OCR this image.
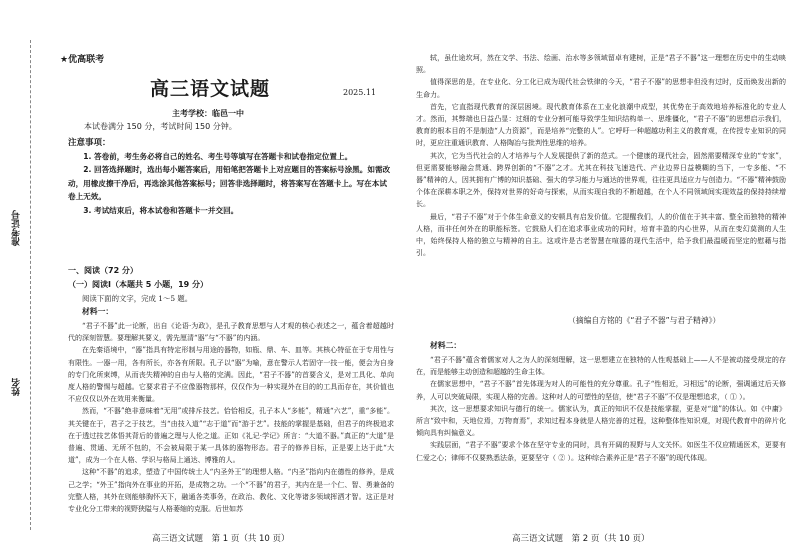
准考证号
姓名
★优高联考
高三语文试题	2025.11
主考学校：临邑一中
本试卷满分 150 分，考试时间 150 分钟。
注意事项：

1. 答卷前，考生务必将自己的姓名、考生号等填写在答题卡和试卷指定位置上。

2. 回答选择题时，选出每小题答案后，用铅笔把答题卡上对应题目的答案标号涂黑。如需改动，用橡皮擦干净后，再选涂其他答案标号；回答非选择题时，将答案写在答题卡上。写在本试卷上无效。

3. 考试结束后，将本试卷和答题卡一并交回。

一、阅读（72 分）
（一）阅读Ⅰ（本题共 5 小题，19 分）
阅读下面的文字，完成 1～5 题。
材料一：

“君子不器”此一论断，出自《论语·为政》，是孔子教育思想与人才观的核心表述之一，蕴含着超越时代的深刻智慧。要理解其要义，需先厘清“器”与“不器”的内涵。

在先秦语境中，“器”指具有特定形制与用途的器物，如瓶、鼎、车、皿等。其核心特征在于专用性与有限性。一器一用，各有所长，亦各有所限。孔子以“器”为喻，意在警示人若固守一技一能，便会为自身的专门化所束缚，从而丧失精神的自由与人格的完满。因此，“君子不器”的首要含义，是对工具化、单向度人格的警惕与超越。它要求君子不应像器物那样，仅仅作为一种实现外在目的的工具而存在，其价值也不应仅仅以外在效用来衡量。

然而，“不器”绝非意味着“无用”或排斥技艺。恰恰相反，孔子本人“多能”，精通“六艺”，重“多能”。其关键在于，君子之于技艺，当“由技入道”“志于道”而“游于艺”。技能的掌握是基础，但君子的终极追求在于透过技艺体悟其背后的普遍之理与人伦之道。正如《礼记·学记》所言：“大道不器。”真正的“大道”是普遍、贯通、无所不包的，不会被局限于某一具体的器物形态。君子的修养目标，正是要上达于此“大道”，成为一个在人格、学识与格局上通达、博雅的人。

这种“不器”的追求，塑造了中国传统士人“内圣外王”的理想人格。“内圣”指向内在德性的修养，是成己之学；“外王”指向外在事业的开拓，是成物之功。一个“不器”的君子，其内在是一个仁、智、勇兼备的完整人格，其外在则能够胸怀天下，融通各类事务，在政治、教化、文化等诸多领域挥洒才智。这正是对专业化分工带来的视野狭隘与人格萎缩的克服。后世如苏

轼，虽仕途坎坷，然在文学、书法、绘画、治水等多领域留卓有建树，正是“君子不器”这一理想在历史中的生动映照。

值得深思的是，在专业化、分工化已成为现代社会铁律的今天，“君子不器”的思想非但没有过时，反而焕发出新的生命力。

首先，它直指现代教育的深层困境。现代教育体系在工业化浪潮中成型，其优势在于高效地培养标准化的专业人才。然而，其弊端也日益凸显：过细的专业分割可能导致学生知识结构单一、思维僵化，“君子不器”的思想启示我们，教育的根本目的不是制造“人力资源”，而是培养“完整的人”。它呼吁一种超越功利主义的教育观，在传授专业知识的同时，更应注重通识教育、人格陶冶与批判性思维的培养。

其次，它为当代社会的人才培养与个人发展提供了新的范式。一个健康的现代社会，固然需要精深专业的“专家”，但更需要能够融会贯通、跨界创新的“不器”之才。尤其在科技飞速迭代、产业边界日益模糊的当下，一专多能、“不器”精神的人，因其拥有广博的知识基础、强大的学习能力与通达的世界观，往往更具适应力与创造力。“不器”精神鼓励个体在深耕本职之外，保持对世界的好奇与探索，从而实现自我的不断超越，在个人不同领域间实现效益的保持持续增长。

最后，“君子不器”对于个体生命意义的安顿具有启发价值。它提醒我们，人的价值在于其丰富、整全而独特的精神人格，而非任何外在的职能标签。它鼓励人们在追求事业成功的同时，培育丰盈的内心世界，从而在变幻莫测的人生中，始终保持人格的独立与精神的自主。这或许是古老智慧在喧嚣的现代生活中，给予我们最温暖而坚定的慰藉与指引。

（摘编自方铭的《“君子不器”与君子精神》）
材料二：

“君子不器”蕴含着儒家对人之为人的深刻理解，这一思想建立在独特的人性观基础上——人不是被动接受规定的存在，而是能够主动创造和超越的生命主体。

在儒家思想中，“君子不器”首先体现为对人的可能性的充分尊重。孔子“性相近，习相远”的论断，强调通过后天修养，人可以突破局限，实现人格的完善。这种对人的可塑性的坚信，使“君子不器”不仅是理想追求，（ ① ）。

其次，这一思想要求知识与德行的统一。儒家认为，真正的知识不仅是技能掌握，更是对“道”的体认。如《中庸》所言“致中和，天地位焉，万物育焉”，求知过程本身就是人格完善的过程，这种整体性知识观，对现代教育中的碎片化倾向具有纠偏意义。

实践层面，“君子不器”要求个体在坚守专业的同时，具有开阔的视野与人文关怀。如医生不仅应精通医术，更要有仁爱之心；律师不仅要熟悉法条，更要坚守（ ② ）。这种综合素养正是“君子不器”的现代体现。

高三语文试题　第 1 页（共 10 页）	高三语文试题　第 2 页（共 10 页）
